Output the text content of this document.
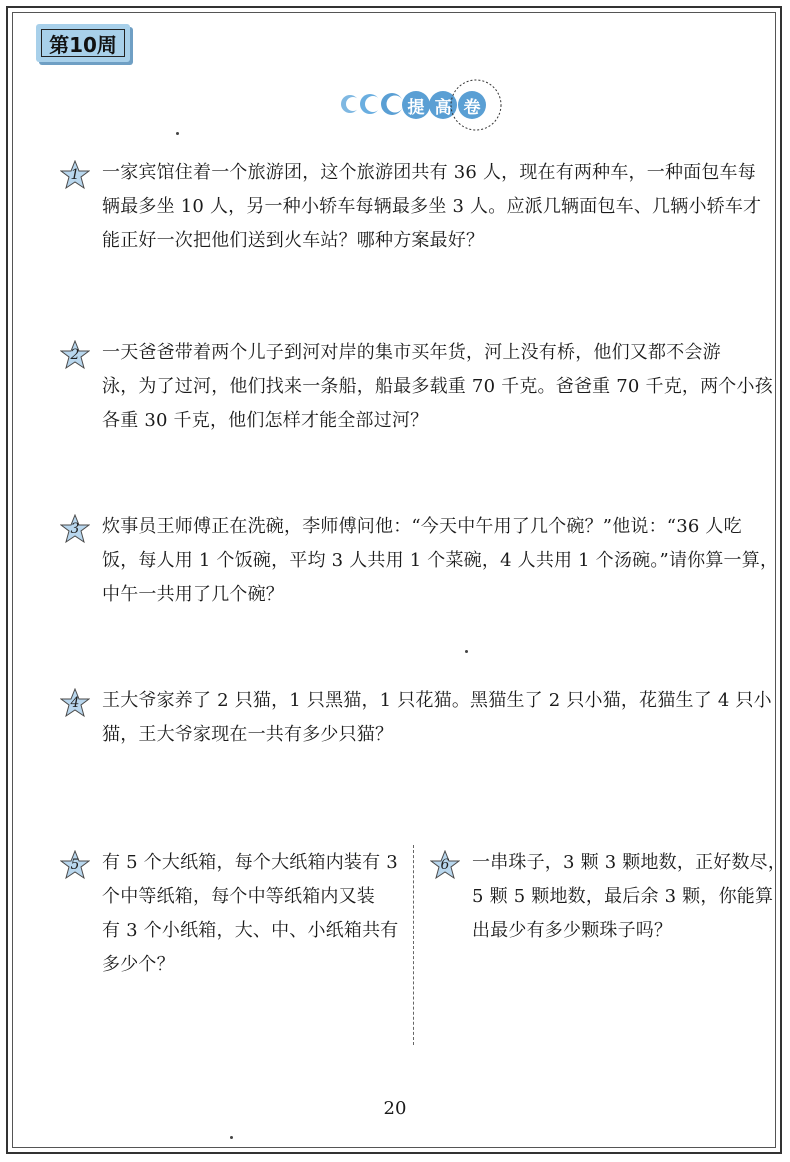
第10周
提 高 卷
1	一家宾馆住着一个旅游团，这个旅游团共有 36 人，现在有两种车，一种面包车每
辆最多坐 10 人，另一种小轿车每辆最多坐 3 人。应派几辆面包车、几辆小轿车才
能正好一次把他们送到火车站？哪种方案最好？
2	一天爸爸带着两个儿子到河对岸的集市买年货，河上没有桥，他们又都不会游
泳，为了过河，他们找来一条船，船最多载重 70 千克。爸爸重 70 千克，两个小孩
各重 30 千克，他们怎样才能全部过河？
3	炊事员王师傅正在洗碗，李师傅问他：“今天中午用了几个碗？”他说：“36 人吃
饭，每人用 1 个饭碗，平均 3 人共用 1 个菜碗，4 人共用 1 个汤碗。”请你算一算，
中午一共用了几个碗？
4	王大爷家养了 2 只猫，1 只黑猫，1 只花猫。黑猫生了 2 只小猫，花猫生了 4 只小
猫，王大爷家现在一共有多少只猫？
5	有 5 个大纸箱，每个大纸箱内装有 3
个中等纸箱，每个中等纸箱内又装
有 3 个小纸箱，大、中、小纸箱共有
多少个？
6	一串珠子，3 颗 3 颗地数，正好数尽，
5 颗 5 颗地数，最后余 3 颗，你能算
出最少有多少颗珠子吗？
20
